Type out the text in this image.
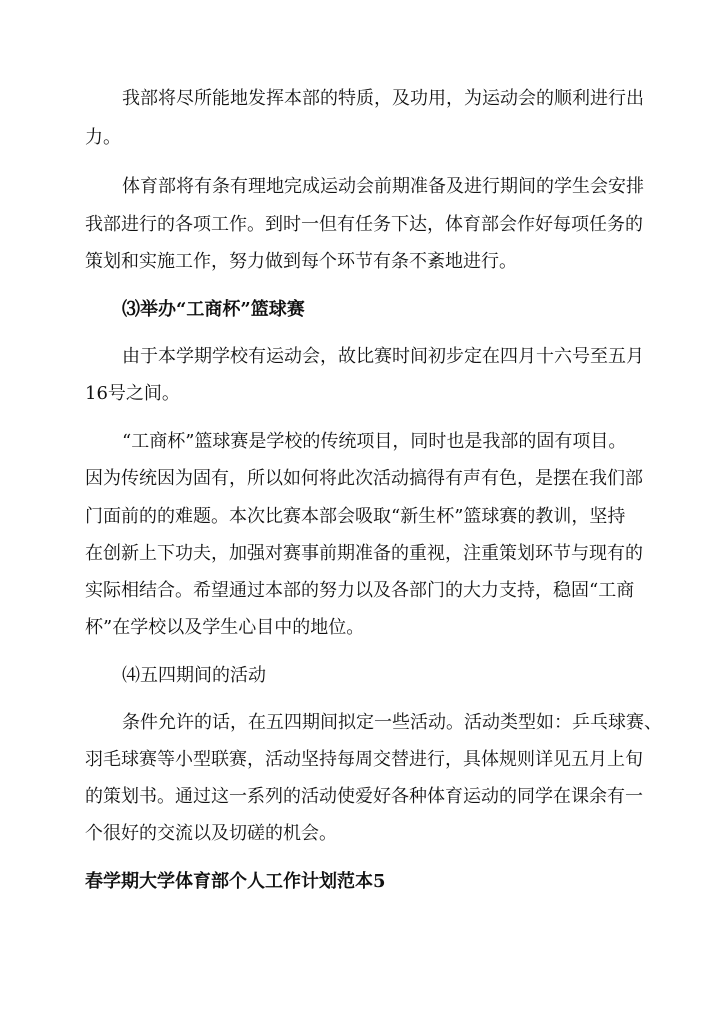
我部将尽所能地发挥本部的特质，及功用，为运动会的顺利进行出
力。
体育部将有条有理地完成运动会前期准备及进行期间的学生会安排
我部进行的各项工作。到时一但有任务下达，体育部会作好每项任务的
策划和实施工作，努力做到每个环节有条不紊地进行。
⑶举办“工商杯”篮球赛
由于本学期学校有运动会，故比赛时间初步定在四月十六号至五月
16号之间。
“工商杯”篮球赛是学校的传统项目，同时也是我部的固有项目。
因为传统因为固有，所以如何将此次活动搞得有声有色，是摆在我们部
门面前的的难题。本次比赛本部会吸取“新生杯”篮球赛的教训，坚持
在创新上下功夫，加强对赛事前期准备的重视，注重策划环节与现有的
实际相结合。希望通过本部的努力以及各部门的大力支持，稳固“工商
杯”在学校以及学生心目中的地位。
⑷五四期间的活动
条件允许的话，在五四期间拟定一些活动。活动类型如：乒乓球赛、
羽毛球赛等小型联赛，活动坚持每周交替进行，具体规则详见五月上旬
的策划书。通过这一系列的活动使爱好各种体育运动的同学在课余有一
个很好的交流以及切磋的机会。
春学期大学体育部个人工作计划范本5
